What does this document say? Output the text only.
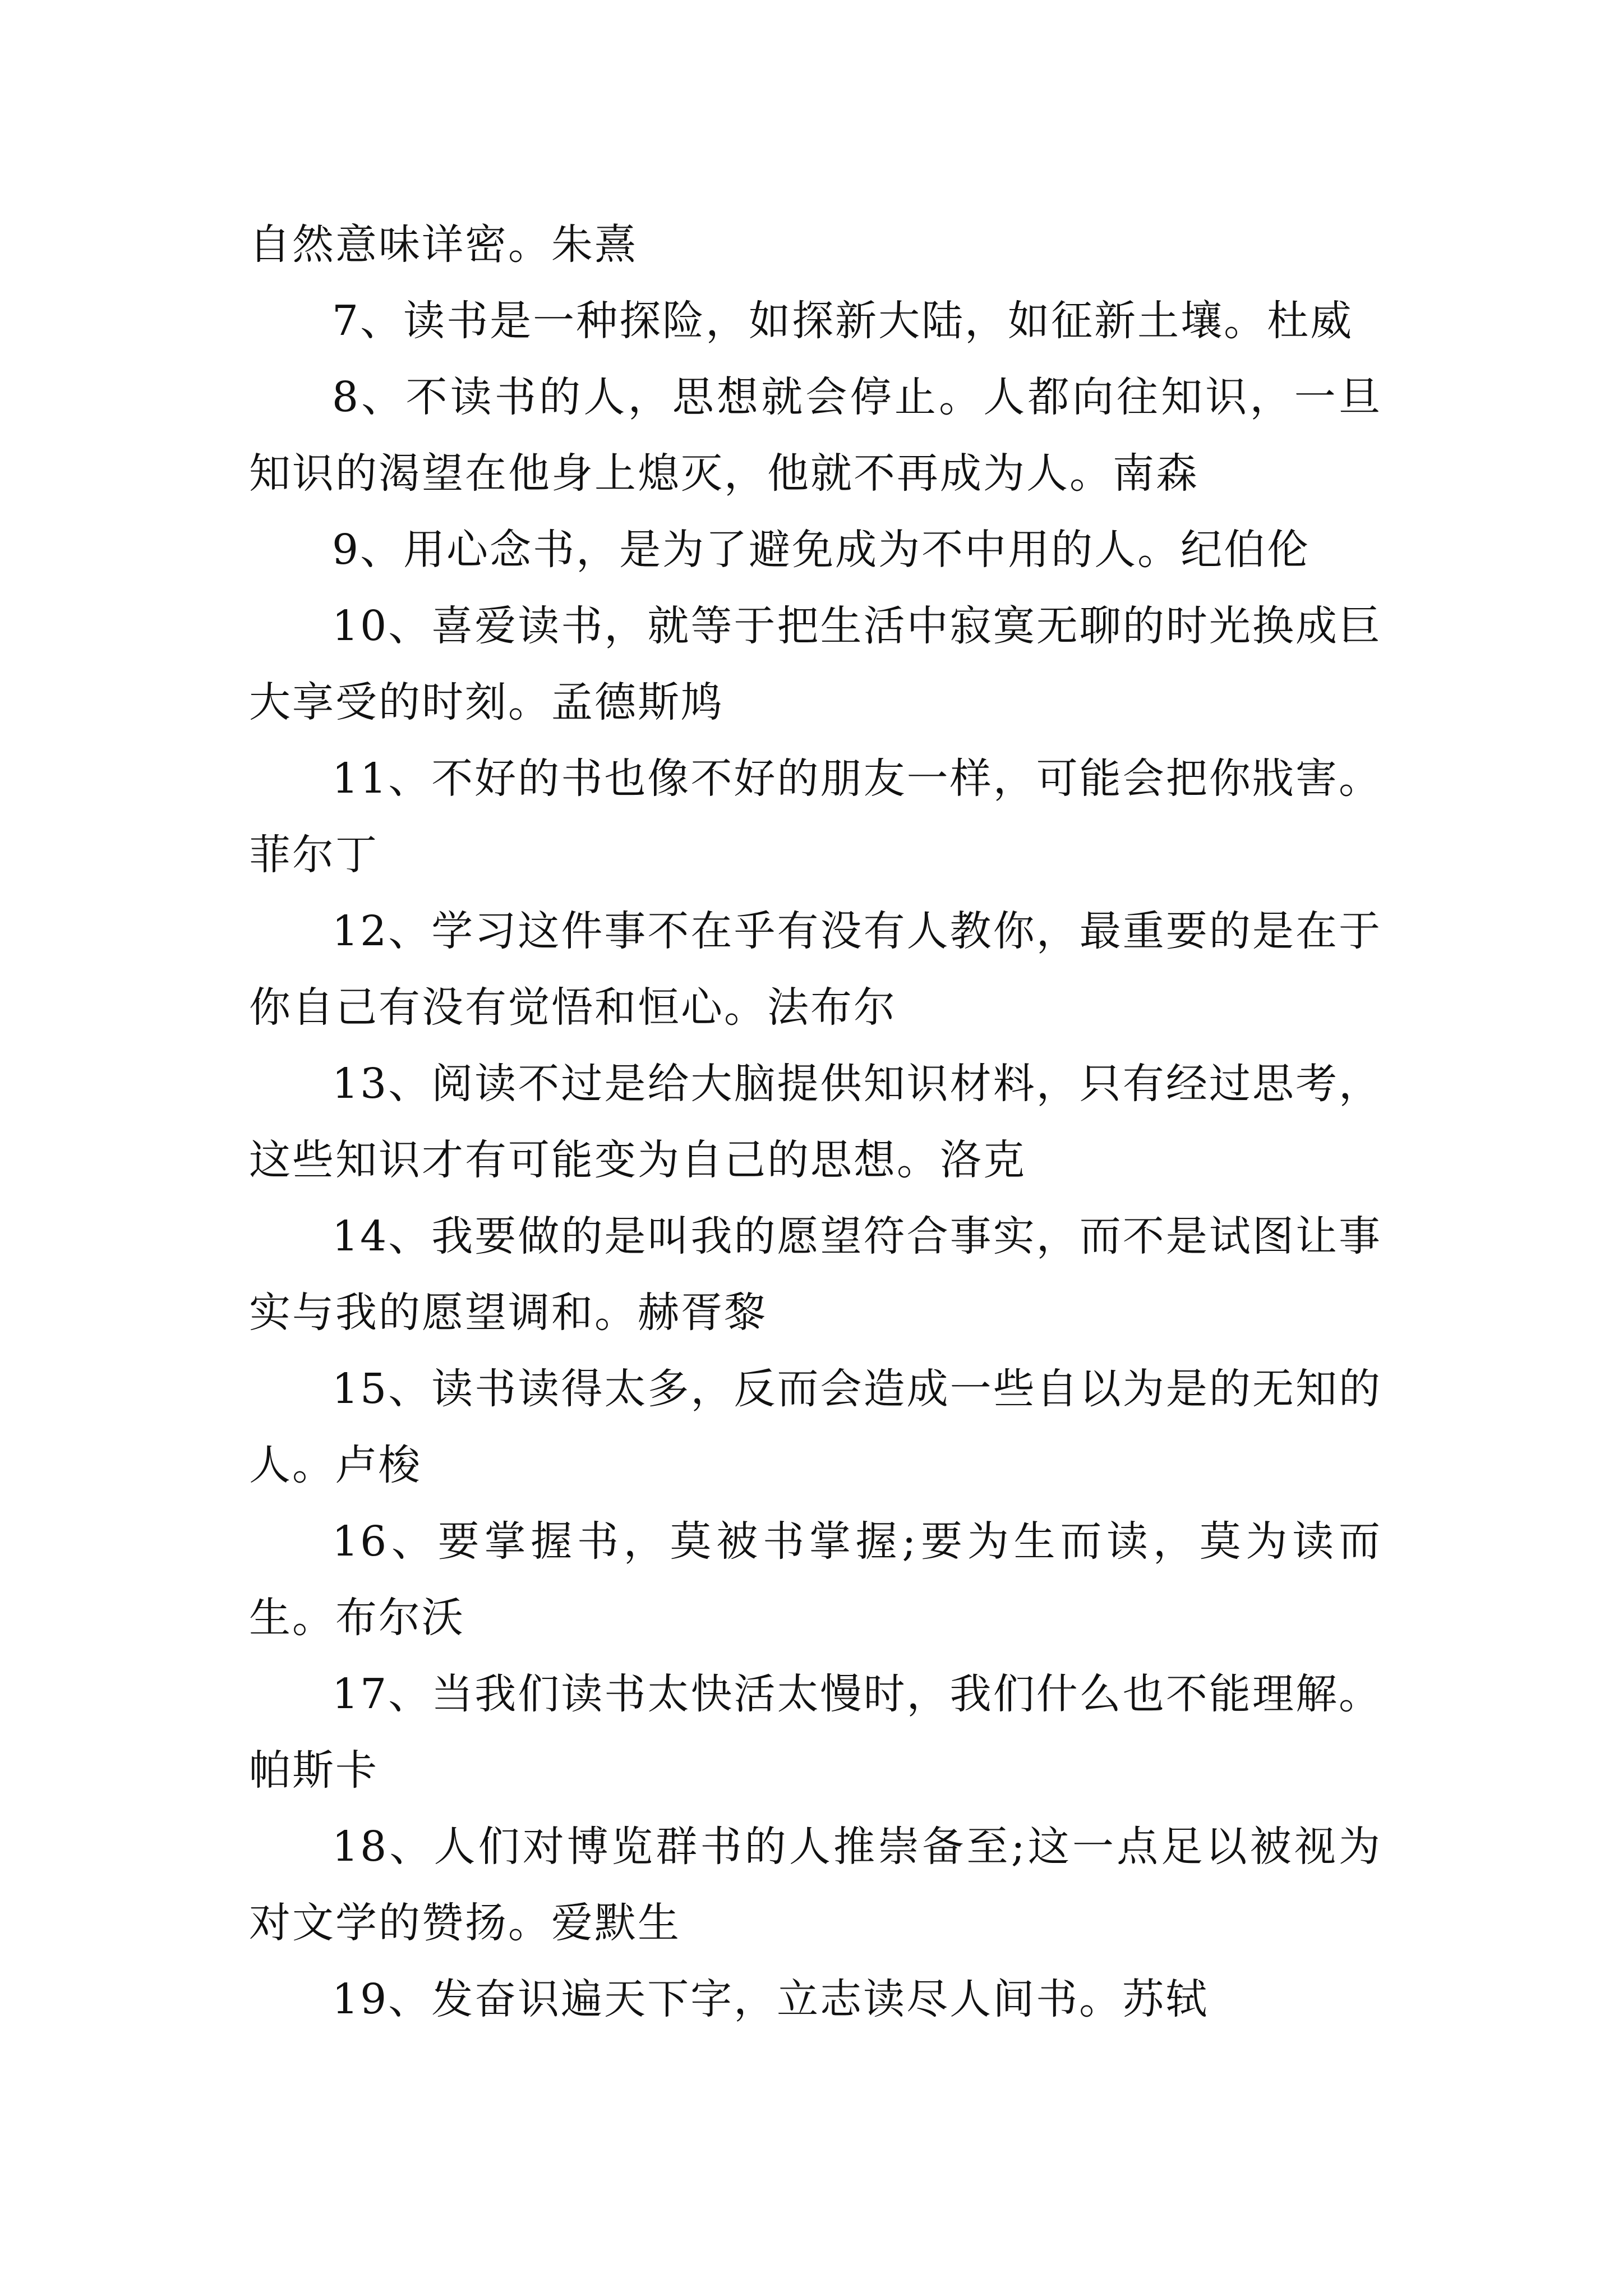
自然意味详密。朱熹

7、读书是一种探险，如探新大陆，如征新土壤。杜威

8、不读书的人，思想就会停止。人都向往知识，一旦知识的渴望在他身上熄灭，他就不再成为人。南森

9、用心念书，是为了避免成为不中用的人。纪伯伦

10、喜爱读书，就等于把生活中寂寞无聊的时光换成巨大享受的时刻。孟德斯鸠

11、不好的书也像不好的朋友一样，可能会把你戕害。菲尔丁

12、学习这件事不在乎有没有人教你，最重要的是在于你自己有没有觉悟和恒心。法布尔

13、阅读不过是给大脑提供知识材料，只有经过思考，这些知识才有可能变为自己的思想。洛克

14、我要做的是叫我的愿望符合事实，而不是试图让事实与我的愿望调和。赫胥黎

15、读书读得太多，反而会造成一些自以为是的无知的人。卢梭

16、要掌握书，莫被书掌握;要为生而读，莫为读而生。布尔沃

17、当我们读书太快活太慢时，我们什么也不能理解。帕斯卡

18、人们对博览群书的人推崇备至;这一点足以被视为对文学的赞扬。爱默生

19、发奋识遍天下字，立志读尽人间书。苏轼
